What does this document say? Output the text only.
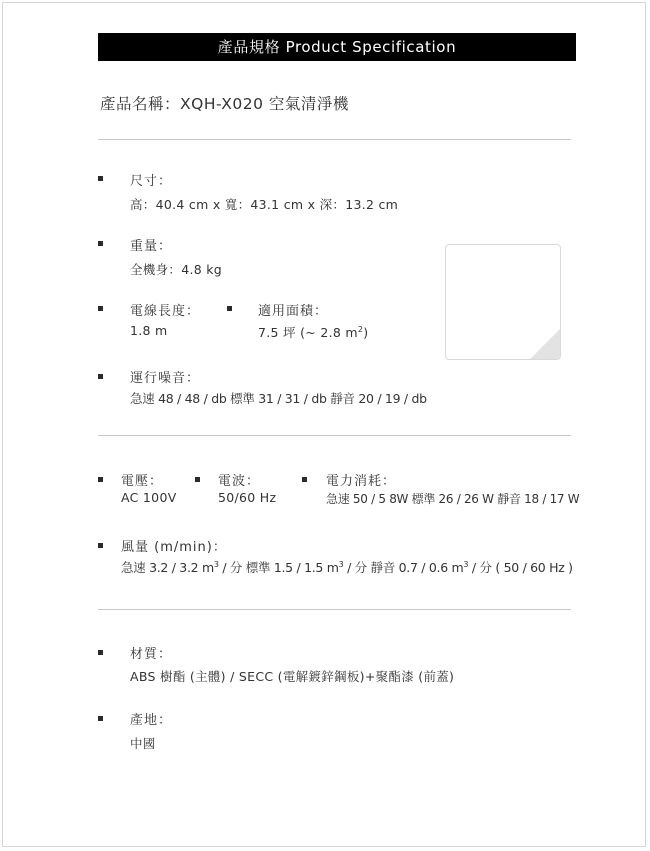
產品規格 Product Specification
產品名稱：XQH-X020 空氣清淨機
尺寸：
高：40.4 cm x 寬：43.1 cm x 深：13.2 cm
重量：
全機身：4.8 kg
電線長度：
1.8 m
適用面積：
7.5 坪 (~ 2.8 $m^2$)
運行噪音：
急速 48 / 48 / db 標準 31 / 31 / db 靜音 20 / 19 / db
電壓：
AC 100V
電波：
50/60 Hz
電力消耗：
急速 50 / 5 8W 標準 26 / 26 W 靜音 18 / 17 W
風量 (m/min)：
急速 3.2 / 3.2 $m^3$ / 分 標準 1.5 / 1.5 $m^3$ / 分 靜音 0.7 / 0.6 $m^3$ / 分 ( 50 / 60 Hz )
材質：
ABS 樹酯 (主體) / SECC (電解鍍鋅鋼板)+聚酯漆 (前蓋)
產地：
中國
